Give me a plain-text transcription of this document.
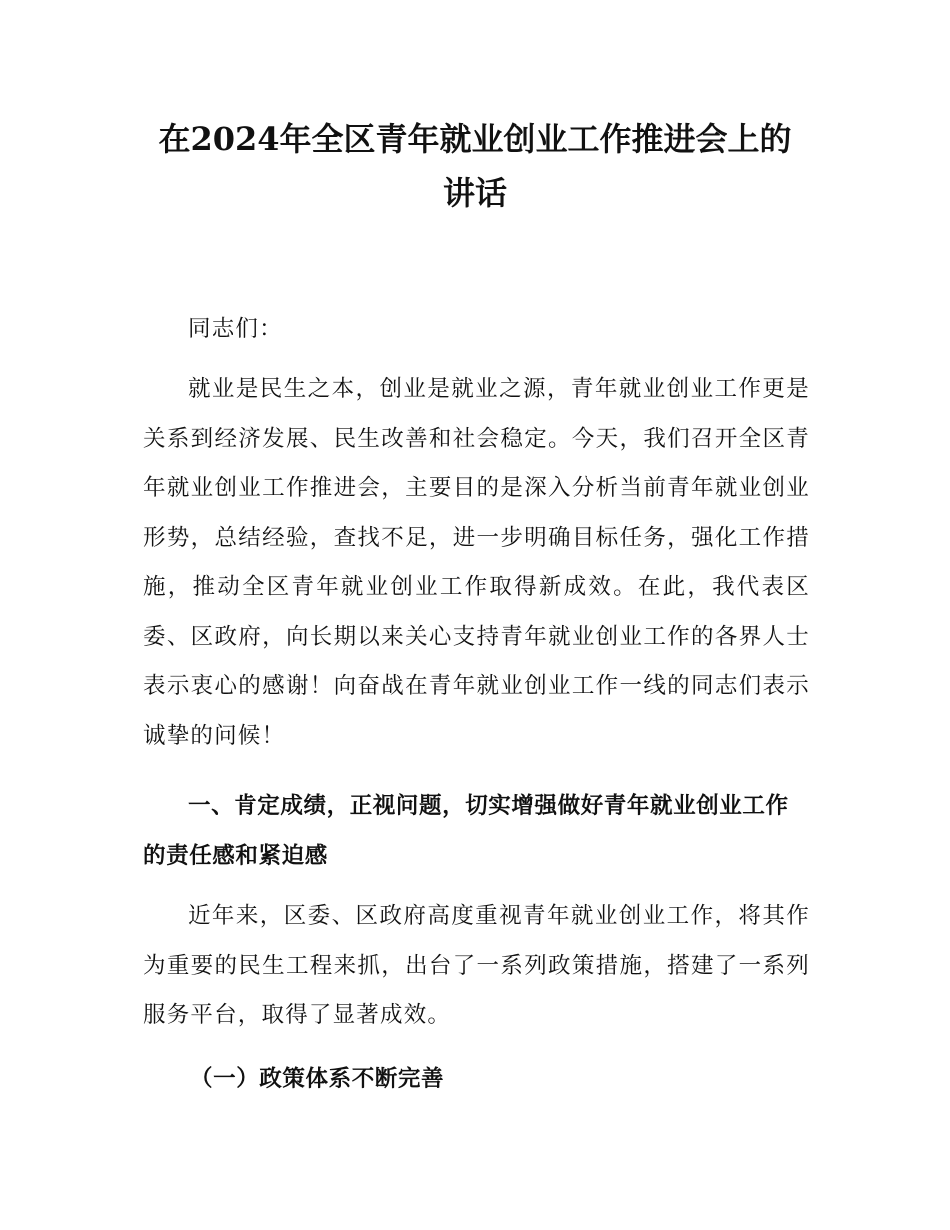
在2024年全区青年就业创业工作推进会上的
讲话

同志们：

就业是民生之本，创业是就业之源，青年就业创业工作更是关系到经济发展、民生改善和社会稳定。今天，我们召开全区青年就业创业工作推进会，主要目的是深入分析当前青年就业创业形势，总结经验，查找不足，进一步明确目标任务，强化工作措施，推动全区青年就业创业工作取得新成效。在此，我代表区委、区政府，向长期以来关心支持青年就业创业工作的各界人士表示衷心的感谢！向奋战在青年就业创业工作一线的同志们表示诚挚的问候！

一、肯定成绩，正视问题，切实增强做好青年就业创业工作的责任感和紧迫感

近年来，区委、区政府高度重视青年就业创业工作，将其作为重要的民生工程来抓，出台了一系列政策措施，搭建了一系列服务平台，取得了显著成效。

（一）政策体系不断完善
